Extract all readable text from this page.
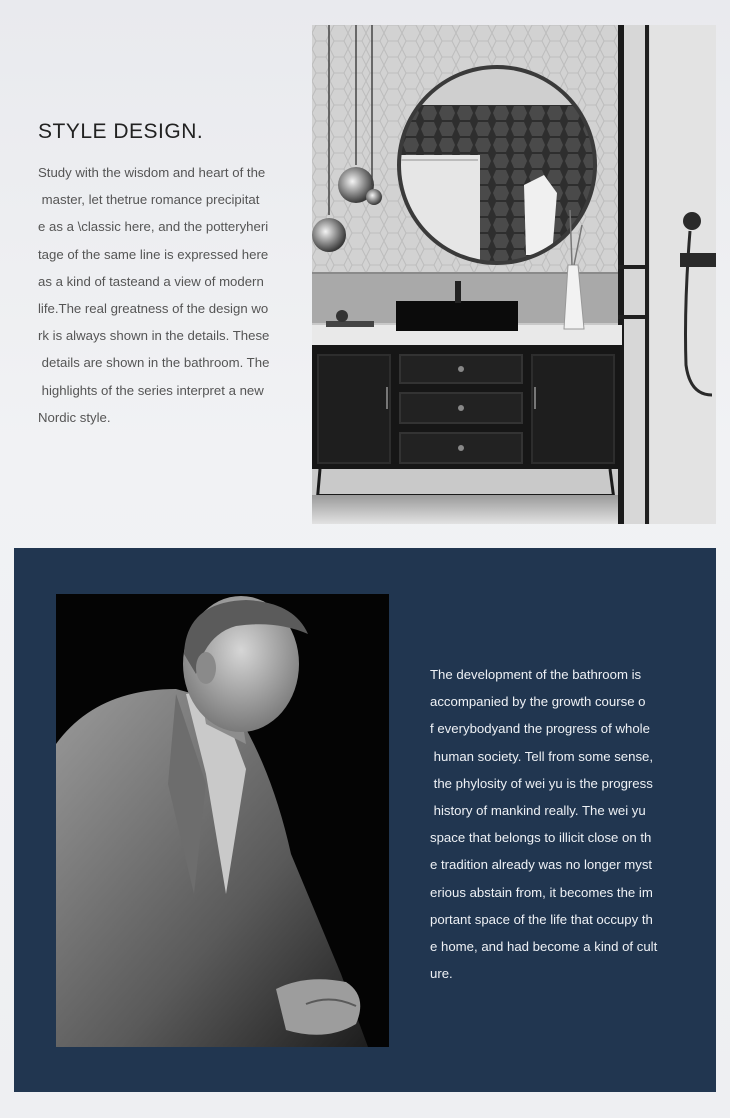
STYLE DESIGN.
Study with the wisdom and heart of the
master, let thetrue romance precipitat
e as a \classic here, and the potteryheri
tage of the same line is expressed here
as a kind of tasteand a view of modern
life.The real greatness of the design wo
rk is always shown in the details. These
details are shown in the bathroom. The
highlights of the series interpret a new
Nordic style.
The development of the bathroom is
accompanied by the growth course o
f everybodyand the progress of whole
human society. Tell from some sense,
the phylosity of wei yu is the progress
history of mankind really. The wei yu
space that belongs to illicit close on th
e tradition already was no longer myst
erious abstain from, it becomes the im
portant space of the life that occupy th
e home, and had become a kind of cult
ure.
